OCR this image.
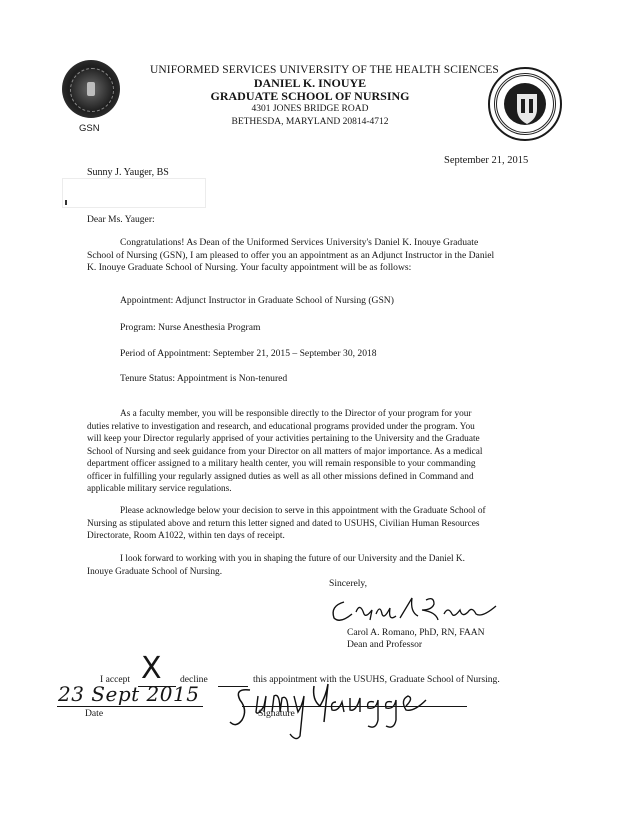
GSN
UNIFORMED SERVICES UNIVERSITY OF THE HEALTH SCIENCES
DANIEL K. INOUYE
GRADUATE SCHOOL OF NURSING
4301 JONES BRIDGE ROAD
BETHESDA, MARYLAND 20814-4712
September 21, 2015
Sunny J. Yauger, BS
Dear Ms. Yauger:
Congratulations! As Dean of the Uniformed Services University's Daniel K. Inouye Graduate
School of Nursing (GSN), I am pleased to offer you an appointment as an Adjunct Instructor in the Daniel
K. Inouye Graduate School of Nursing. Your faculty appointment will be as follows:
Appointment: Adjunct Instructor in Graduate School of Nursing (GSN)
Program: Nurse Anesthesia Program
Period of Appointment: September 21, 2015 – September 30, 2018
Tenure Status: Appointment is Non-tenured
As a faculty member, you will be responsible directly to the Director of your program for your
duties relative to investigation and research, and educational programs provided under the program. You
will keep your Director regularly apprised of your activities pertaining to the University and the Graduate
School of Nursing and seek guidance from your Director on all matters of major importance. As a medical
department officer assigned to a military health center, you will remain responsible to your commanding
officer in fulfilling your regularly assigned duties as well as all other missions defined in Command and
applicable military service regulations.
Please acknowledge below your decision to serve in this appointment with the Graduate School of
Nursing as stipulated above and return this letter signed and dated to USUHS, Civilian Human Resources
Directorate, Room A1022, within ten days of receipt.
I look forward to working with you in shaping the future of our University and the Daniel K.
Inouye Graduate School of Nursing.
Sincerely,
Carol A. Romano, PhD, RN, FAAN
Dean and Professor
I accept X decline	this appointment with the USUHS, Graduate School of Nursing.
23 Sept 2015
Date	Signature
